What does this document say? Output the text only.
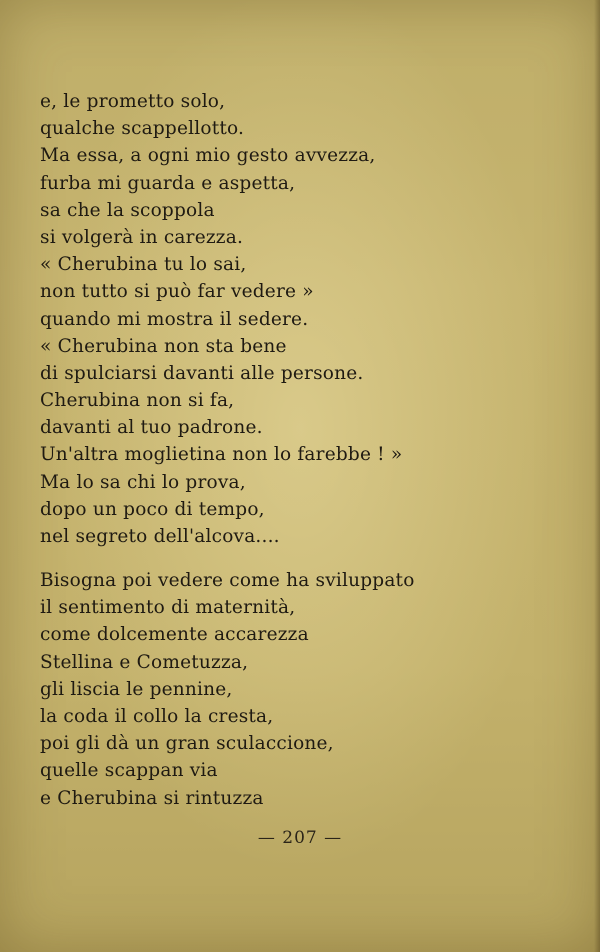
e, le prometto solo,
qualche scappellotto.
Ma essa, a ogni mio gesto avvezza,
furba mi guarda e aspetta,
sa che la scoppola
si volgerà in carezza.
« Cherubina tu lo sai,
non tutto si può far vedere »
quando mi mostra il sedere.
« Cherubina non sta bene
di spulciarsi davanti alle persone.
Cherubina non si fa,
davanti al tuo padrone.
Un'altra moglietina non lo farebbe ! »
Ma lo sa chi lo prova,
dopo un poco di tempo,
nel segreto dell'alcova....
Bisogna poi vedere come ha sviluppato
il sentimento di maternità,
come dolcemente accarezza
Stellina e Cometuzza,
gli liscia le pennine,
la coda il collo la cresta,
poi gli dà un gran sculaccione,
quelle scappan via
e Cherubina si rintuzza
— 207 —
